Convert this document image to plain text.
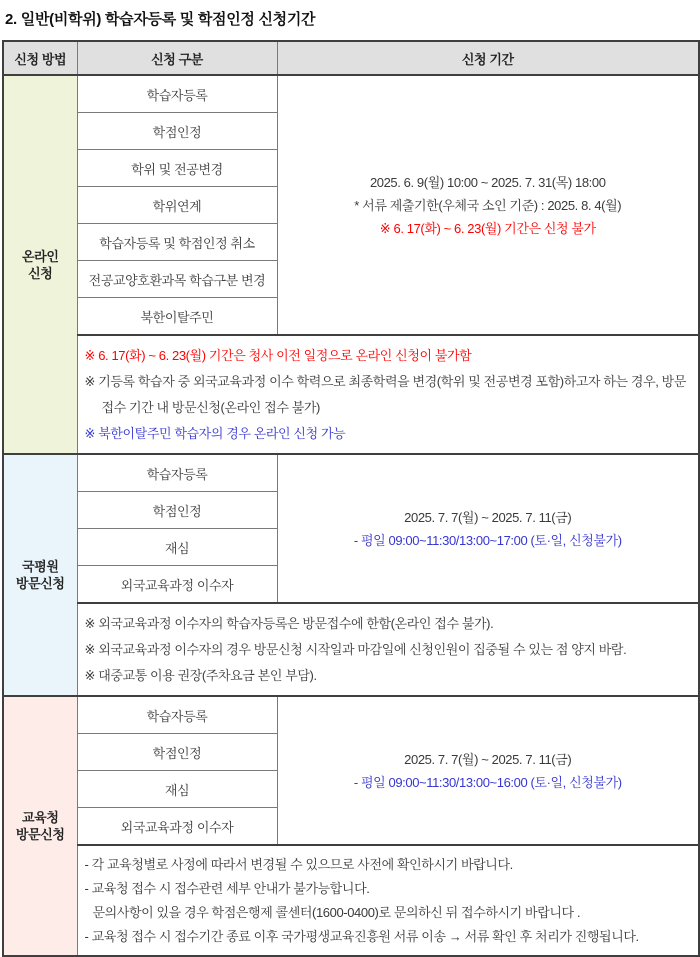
2. 일반(비학위) 학습자등록 및 학점인정 신청기간
신청 방법	신청 구분	신청 기간

온라인
신청
	학습자등록	
2025. 6. 9(월) 10:00 ~ 2025. 7. 31(목) 18:00
* 서류 제출기한(우체국 소인 기준) : 2025. 8. 4(월)
※ 6. 17(화) ~ 6. 23(월) 기간은 신청 불가

	학점인정	
	학위 및 전공변경	
	학위연계	
	학습자등록 및 학점인정 취소	
	전공교양호환과목 학습구분 변경	
	북한이탈주민	

	※ 6. 17(화) ~ 6. 23(월) 기간은 청사 이전 일정으로 온라인 신청이 불가함
※ 기등록 학습자 중 외국교육과정 이수 학력으로 최종학력을 변경(학위 및 전공변경 포함)하고자 하는 경우, 방문접수 기간 내 방문신청(온라인 접수 불가)
※ 북한이탈주민 학습자의 경우 온라인 신청 가능	

국평원
방문신청
	학습자등록	
2025. 7. 7(월) ~ 2025. 7. 11(금)
- 평일 09:00~11:30/13:00~17:00 (토·일, 신청불가)

	학점인정	
	재심	
	외국교육과정 이수자	

	※ 외국교육과정 이수자의 학습자등록은 방문접수에 한함(온라인 접수 불가).
※ 외국교육과정 이수자의 경우 방문신청 시작일과 마감일에 신청인원이 집중될 수 있는 점 양지 바람.
※ 대중교통 이용 권장(주차요금 본인 부담).	

교육청
방문신청
	학습자등록	
2025. 7. 7(월) ~ 2025. 7. 11(금)
- 평일 09:00~11:30/13:00~16:00 (토·일, 신청불가)

	학점인정	
	재심	
	외국교육과정 이수자	

	- 각 교육청별로 사정에 따라서 변경될 수 있으므로 사전에 확인하시기 바랍니다.
- 교육청 접수 시 접수관련 세부 안내가 불가능합니다.
문의사항이 있을 경우 학점은행제 콜센터(1600-0400)로 문의하신 뒤 접수하시기 바랍니다 .
- 교육청 접수 시 접수기간 종료 이후 국가평생교육진흥원 서류 이송 → 서류 확인 후 처리가 진행됩니다.	
